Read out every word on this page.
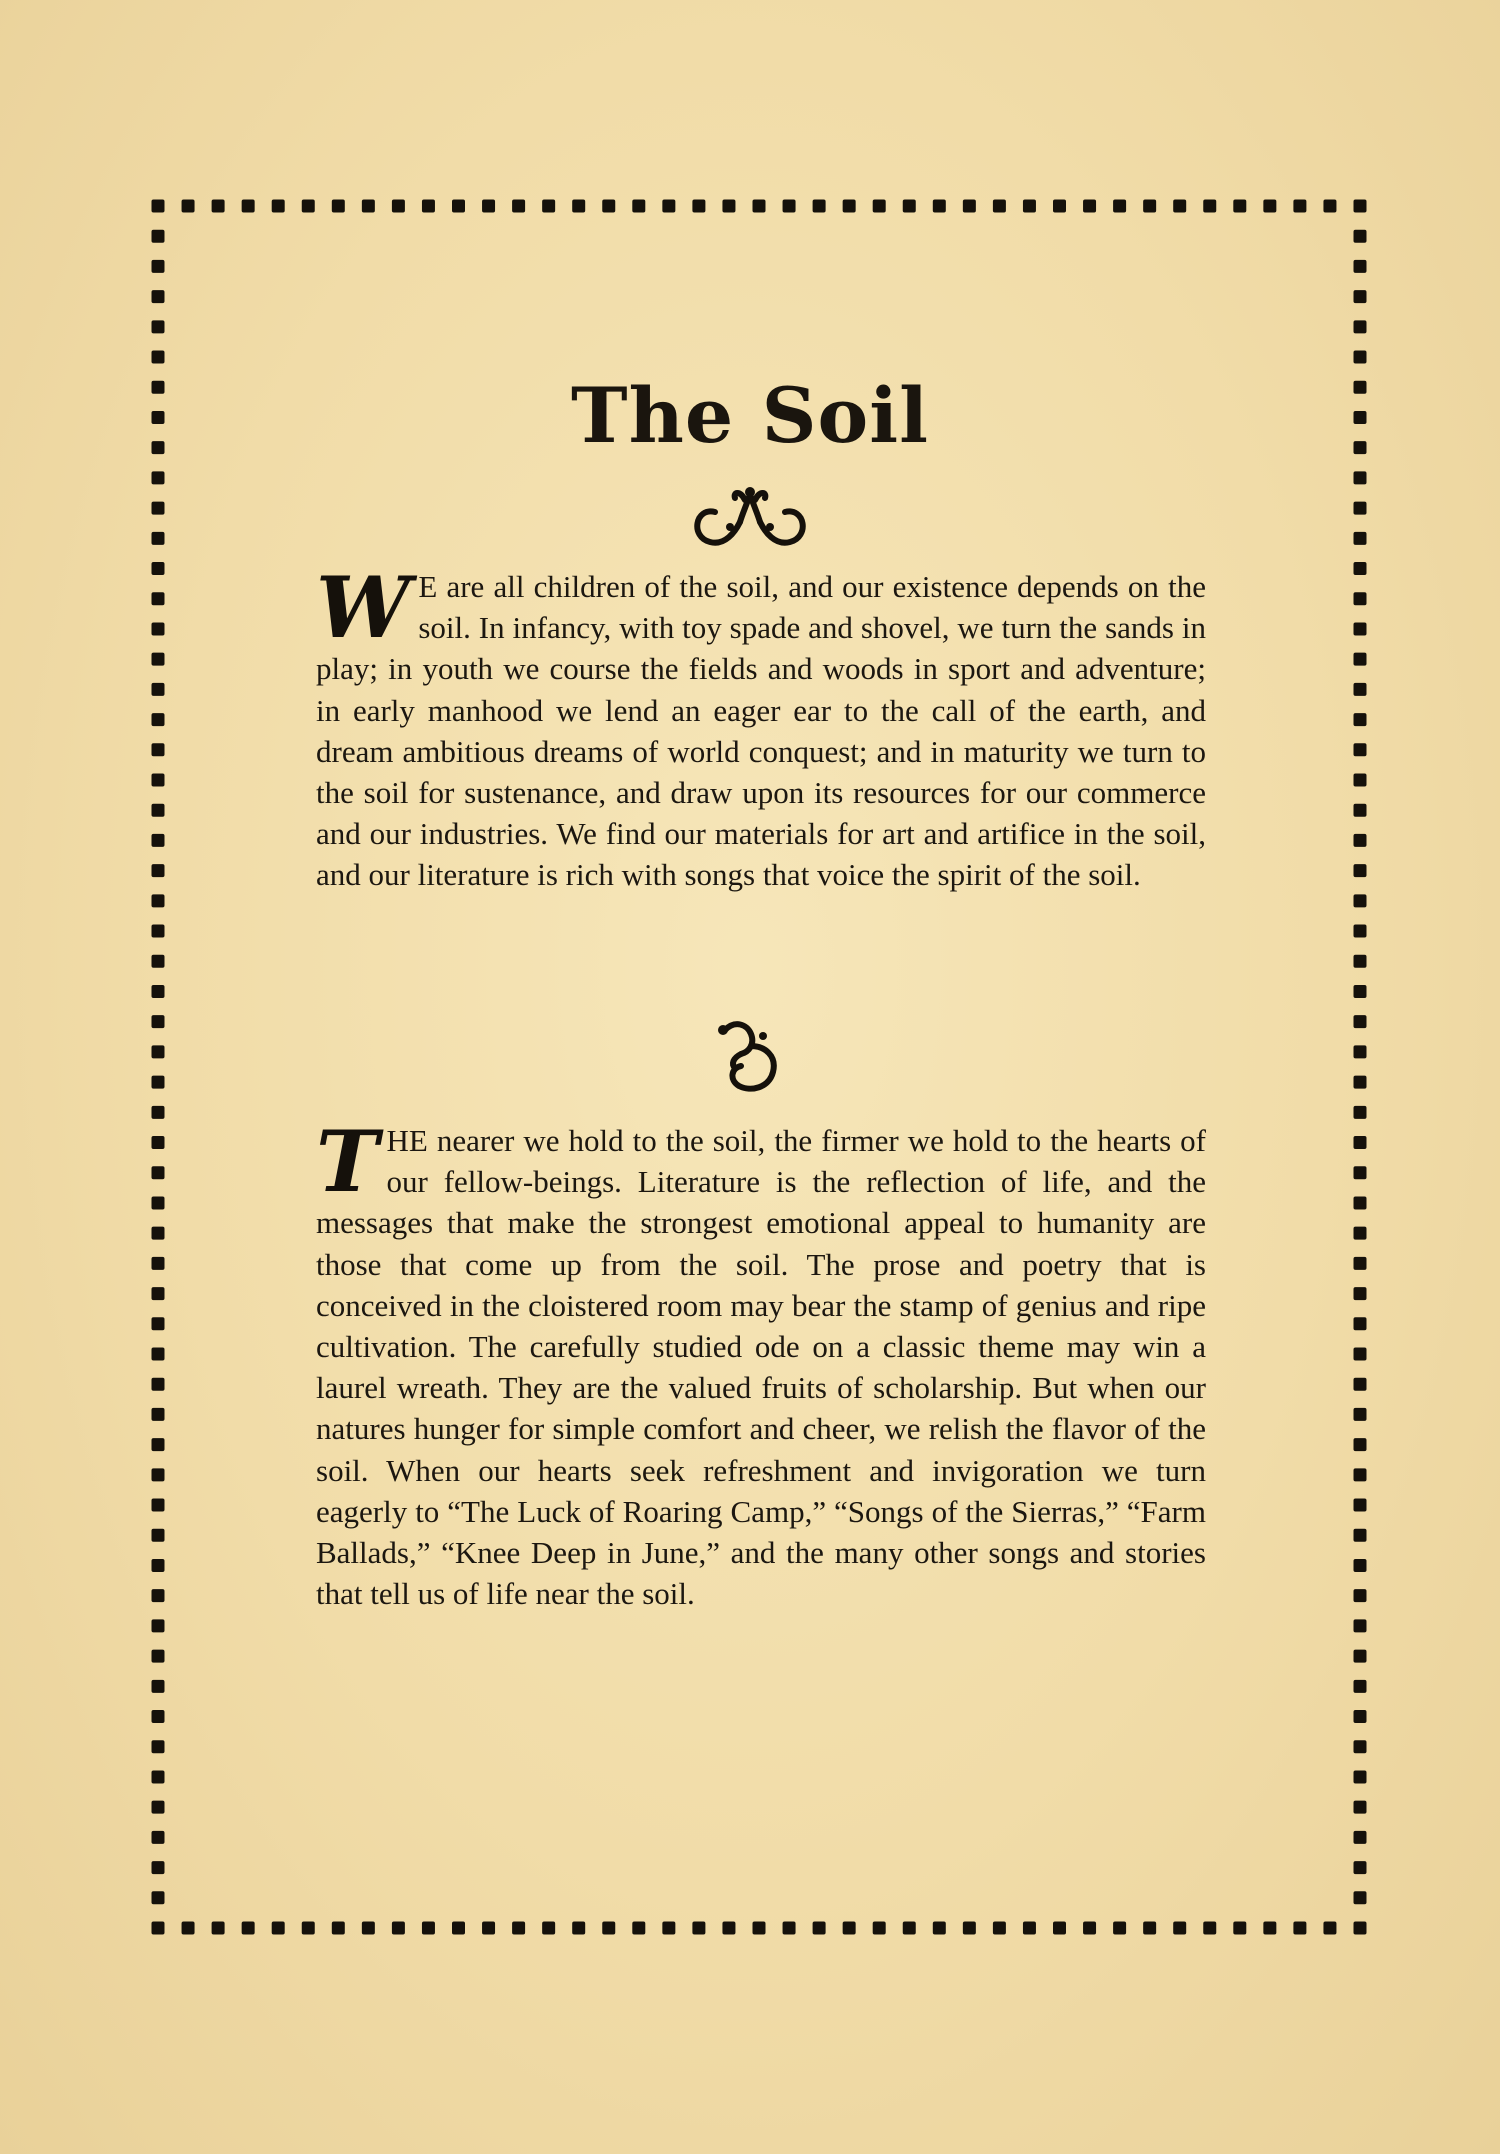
The Soil

W E are all children of the soil, and our existence depends on the soil. In infancy, with toy spade and shovel, we turn the sands in play; in youth we course the fields and woods in sport and adventure; in early manhood we lend an eager ear to the call of the earth, and dream ambitious dreams of world conquest; and in maturity we turn to the soil for sustenance, and draw upon its resources for our commerce and our industries. We find our materials for art and artifice in the soil, and our literature is rich with songs that voice the spirit of the soil.

THE nearer we hold to the soil, the firmer we hold to the hearts of our fellow-beings. Literature is the reflection of life, and the messages that make the strongest emotional appeal to humanity are those that come up from the soil. The prose and poetry that is conceived in the cloistered room may bear the stamp of genius and ripe cultivation. The carefully studied ode on a classic theme may win a laurel wreath. They are the valued fruits of scholarship. But when our natures hunger for simple comfort and cheer, we relish the flavor of the soil. When our hearts seek refreshment and invigoration we turn eagerly to “The Luck of Roaring Camp,” “Songs of the Sierras,” “Farm Ballads,” “Knee Deep in June,” and the many other songs and stories that tell us of life near the soil.
